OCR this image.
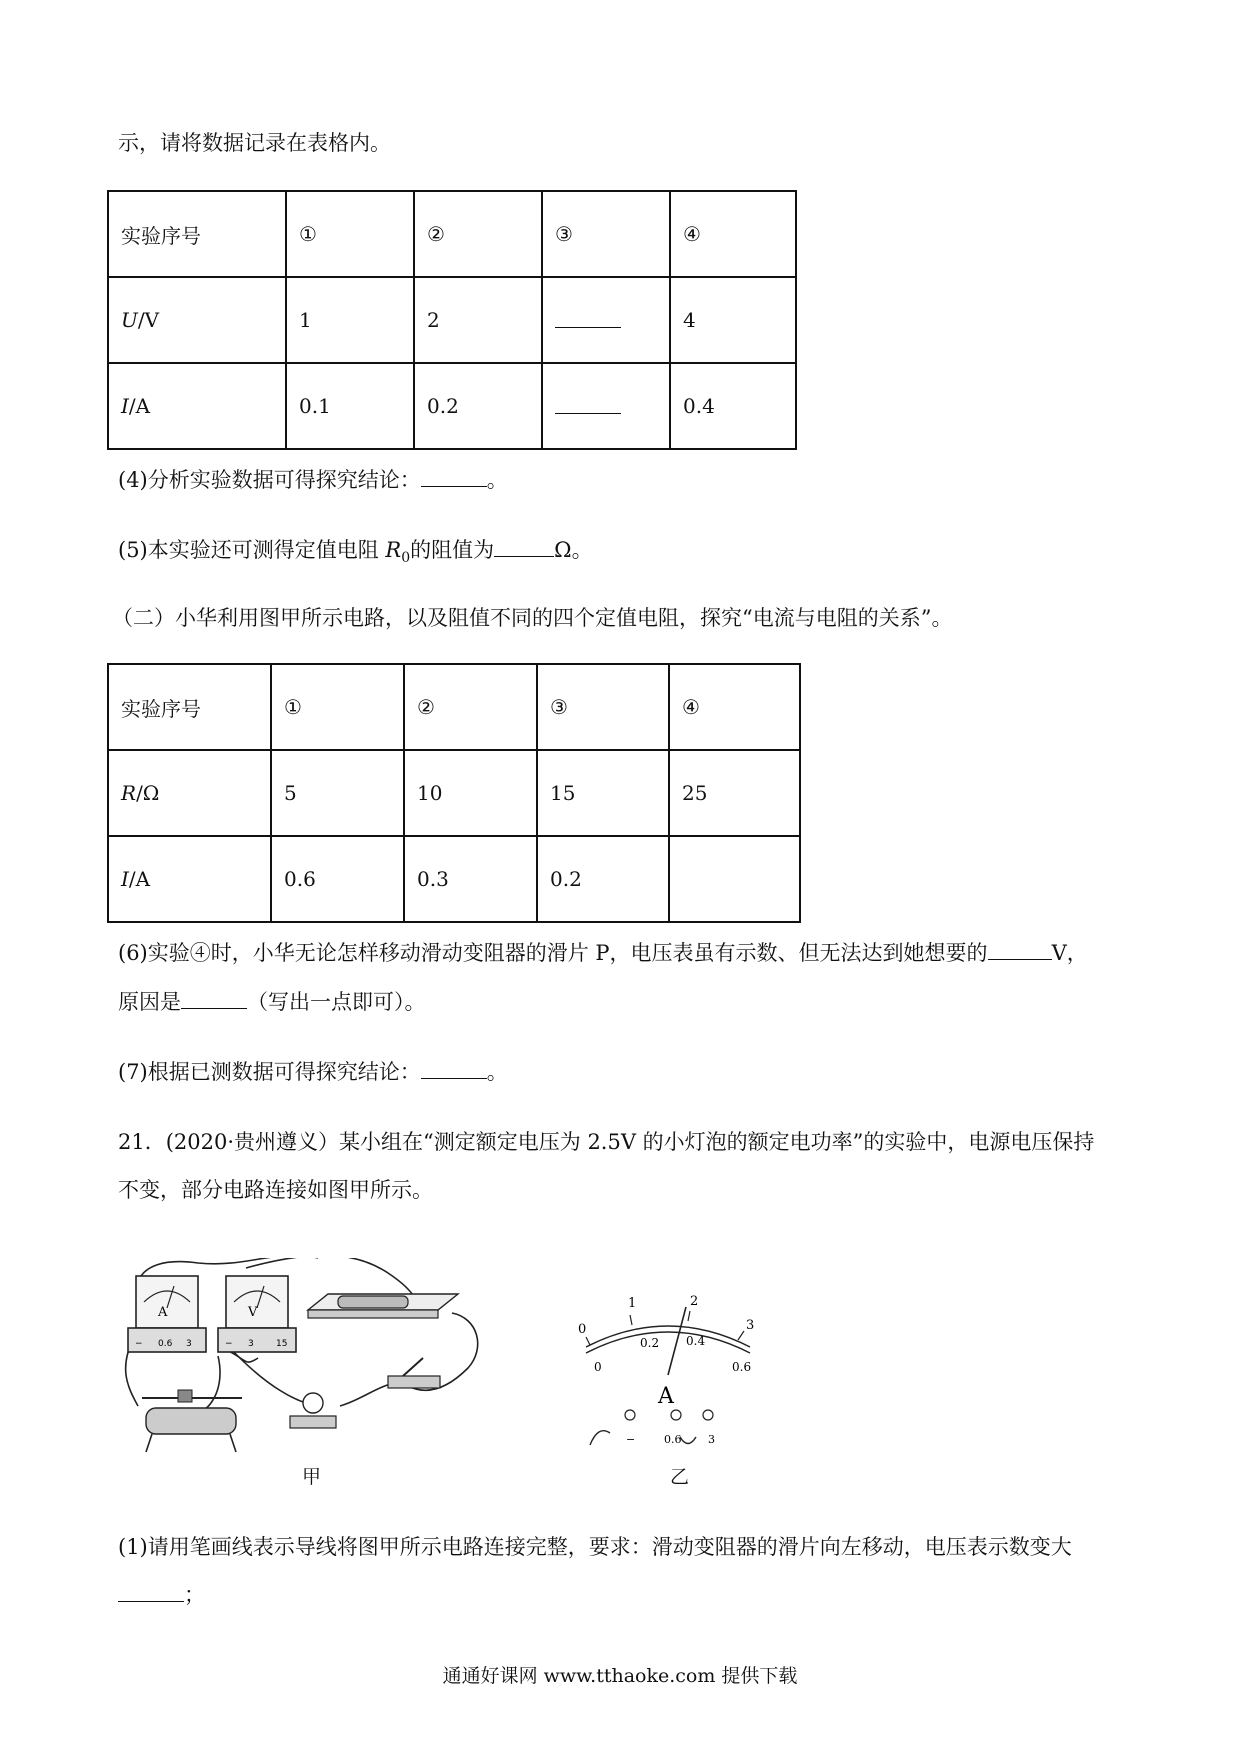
示，请将数据记录在表格内。
实验序号	①	②	③	④
U/V	1	2		4
I/A	0.1	0.2		0.4
(4)分析实验数据可得探究结论：	。
(5)本实验还可测得定值电阻 $R_0$的阻值为	Ω。
（二）小华利用图甲所示电路，以及阻值不同的四个定值电阻，探究“电流与电阻的关系”。
实验序号	①	②	③	④
R/Ω	5	10	15	25
I/A	0.6	0.3	0.2	
(6)实验④时，小华无论怎样移动滑动变阻器的滑片 P，电压表虽有示数、但无法达到她想要的	V，
原因是	（写出一点即可）。
(7)根据已测数据可得探究结论：	。
21．(2020·贵州遵义）某小组在“测定额定电压为 2.5V 的小灯泡的额定电功率”的实验中，电源电压保持
不变，部分电路连接如图甲所示。
A
− 0.6 3
V
− 3 15
甲
0
1	2
3
0
0.2 0.4
0.6
A
−	0.6 3
乙
(1)请用笔画线表示导线将图甲所示电路连接完整，要求：滑动变阻器的滑片向左移动，电压表示数变大
；
通通好课网 www.tthaoke.com 提供下载
